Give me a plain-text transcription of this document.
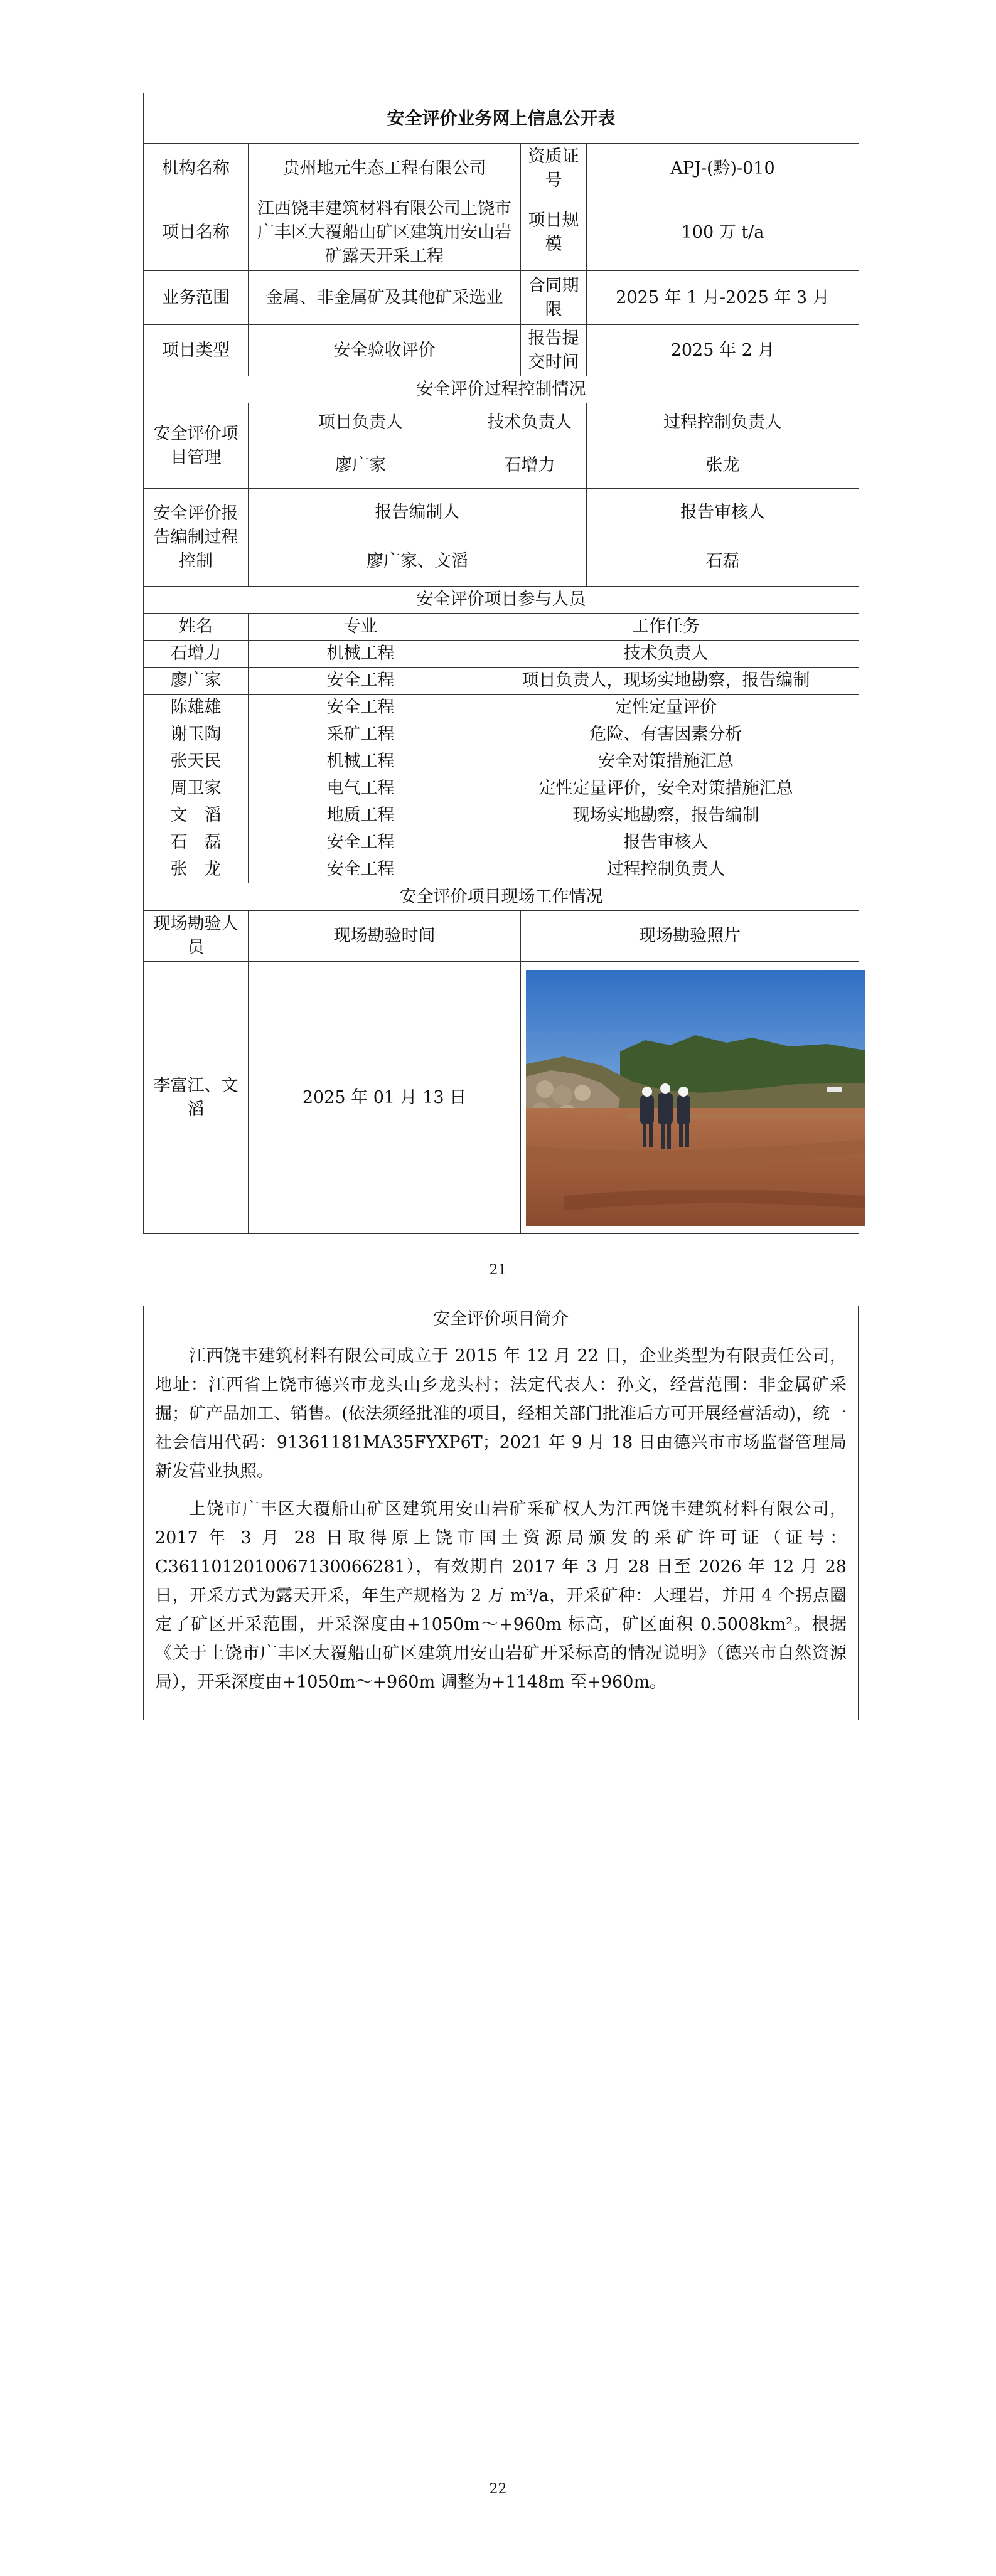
安全评价业务网上信息公开表				
机构名称	贵州地元生态工程有限公司		资质证号	APJ-(黔)-010
项目名称	江西饶丰建筑材料有限公司上饶市广丰区大覆船山矿区建筑用安山岩矿露天开采工程		项目规模	100 万 t/a
业务范围	金属、非金属矿及其他矿采选业		合同期限	2025 年 1 月-2025 年 3 月
项目类型	安全验收评价		报告提交时间	2025 年 2 月
安全评价过程控制情况				
安全评价项目管理	项目负责人	技术负责人		过程控制负责人
	廖广家	石增力		张龙
安全评价报告编制过程控制	报告编制人			报告审核人
	廖广家、文滔			石磊
安全评价项目参与人员				
姓名	专业	工作任务		
石增力	机械工程	技术负责人		
廖广家	安全工程	项目负责人，现场实地勘察，报告编制		
陈雄雄	安全工程	定性定量评价		
谢玉陶	采矿工程	危险、有害因素分析		
张天民	机械工程	安全对策措施汇总		
周卫家	电气工程	定性定量评价，安全对策措施汇总		
文　滔	地质工程	现场实地勘察，报告编制		
石　磊	安全工程	报告审核人		
张　龙	安全工程	过程控制负责人		
安全评价项目现场工作情况				
现场勘验人员	现场勘验时间		现场勘验照片	
李富江、文滔	2025 年 01 月 13 日	
21
安全评价项目简介

江西饶丰建筑材料有限公司成立于 2015 年 12 月 22 日，企业类型为有限责任公司，地址：江西省上饶市德兴市龙头山乡龙头村；法定代表人：孙文，经营范围：非金属矿采掘；矿产品加工、销售。(依法须经批准的项目，经相关部门批准后方可开展经营活动)，统一社会信用代码：91361181MA35FYXP6T；2021 年 9 月 18 日由德兴市市场监督管理局新发营业执照。

上饶市广丰区大覆船山矿区建筑用安山岩矿采矿权人为江西饶丰建筑材料有限公司，2017 年 3 月 28 日取得原上饶市国土资源局颁发的采矿许可证（证号：C3611012010067130066281），有效期自 2017 年 3 月 28 日至 2026 年 12 月 28 日，开采方式为露天开采，年生产规格为 2 万 m³/a，开采矿种：大理岩，并用 4 个拐点圈定了矿区开采范围，开采深度由+1050m～+960m 标高，矿区面积 0.5008km²。根据《关于上饶市广丰区大覆船山矿区建筑用安山岩矿开采标高的情况说明》（德兴市自然资源局），开采深度由+1050m～+960m 调整为+1148m 至+960m。

22
